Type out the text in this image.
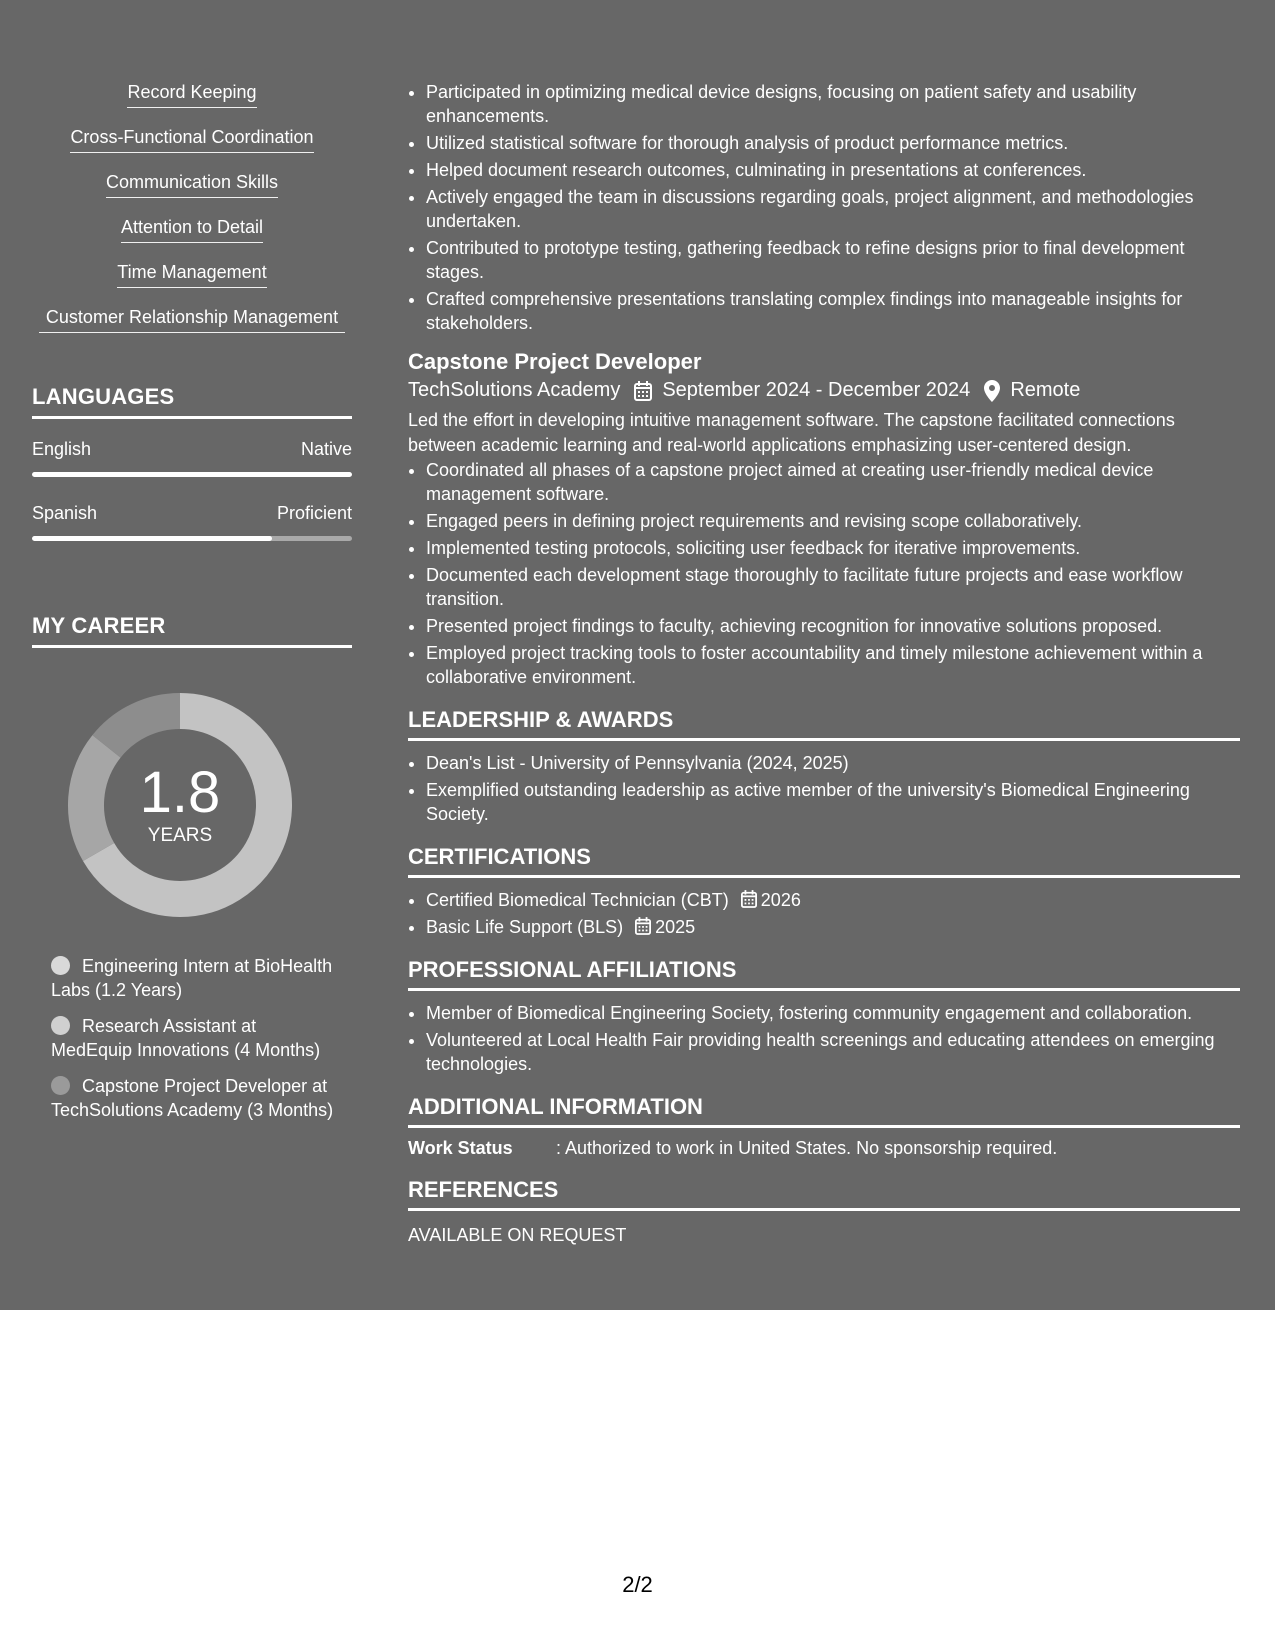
Record Keeping
Cross-Functional Coordination
Communication Skills
Attention to Detail
Time Management
Customer Relationship Management
LANGUAGES
English	Native
Spanish	Proficient
MY CAREER
1.8
YEARS
Engineering Intern at BioHealth Labs (1.2 Years)
Research Assistant at MedEquip Innovations (4 Months)
Capstone Project Developer at TechSolutions Academy (3 Months)
• Participated in optimizing medical device designs, focusing on patient safety and usability enhancements.
• Utilized statistical software for thorough analysis of product performance metrics.
• Helped document research outcomes, culminating in presentations at conferences.
• Actively engaged the team in discussions regarding goals, project alignment, and methodologies undertaken.
• Contributed to prototype testing, gathering feedback to refine designs prior to final development stages.
• Crafted comprehensive presentations translating complex findings into manageable insights for stakeholders.
Capstone Project Developer
TechSolutions Academy September 2024 - December 2024 Remote
Led the effort in developing intuitive management software. The capstone facilitated connections between academic learning and real-world applications emphasizing user-centered design.
• Coordinated all phases of a capstone project aimed at creating user-friendly medical device management software.
• Engaged peers in defining project requirements and revising scope collaboratively.
• Implemented testing protocols, soliciting user feedback for iterative improvements.
• Documented each development stage thoroughly to facilitate future projects and ease workflow transition.
• Presented project findings to faculty, achieving recognition for innovative solutions proposed.
• Employed project tracking tools to foster accountability and timely milestone achievement within a collaborative environment.
LEADERSHIP & AWARDS
• Dean's List - University of Pennsylvania (2024, 2025)
• Exemplified outstanding leadership as active member of the university's Biomedical Engineering Society.
CERTIFICATIONS
• Certified Biomedical Technician (CBT) 2026
• Basic Life Support (BLS) 2025
PROFESSIONAL AFFILIATIONS
• Member of Biomedical Engineering Society, fostering community engagement and collaboration.
• Volunteered at Local Health Fair providing health screenings and educating attendees on emerging technologies.
ADDITIONAL INFORMATION
Work Status : Authorized to work in United States. No sponsorship required.
REFERENCES
AVAILABLE ON REQUEST
2/2
